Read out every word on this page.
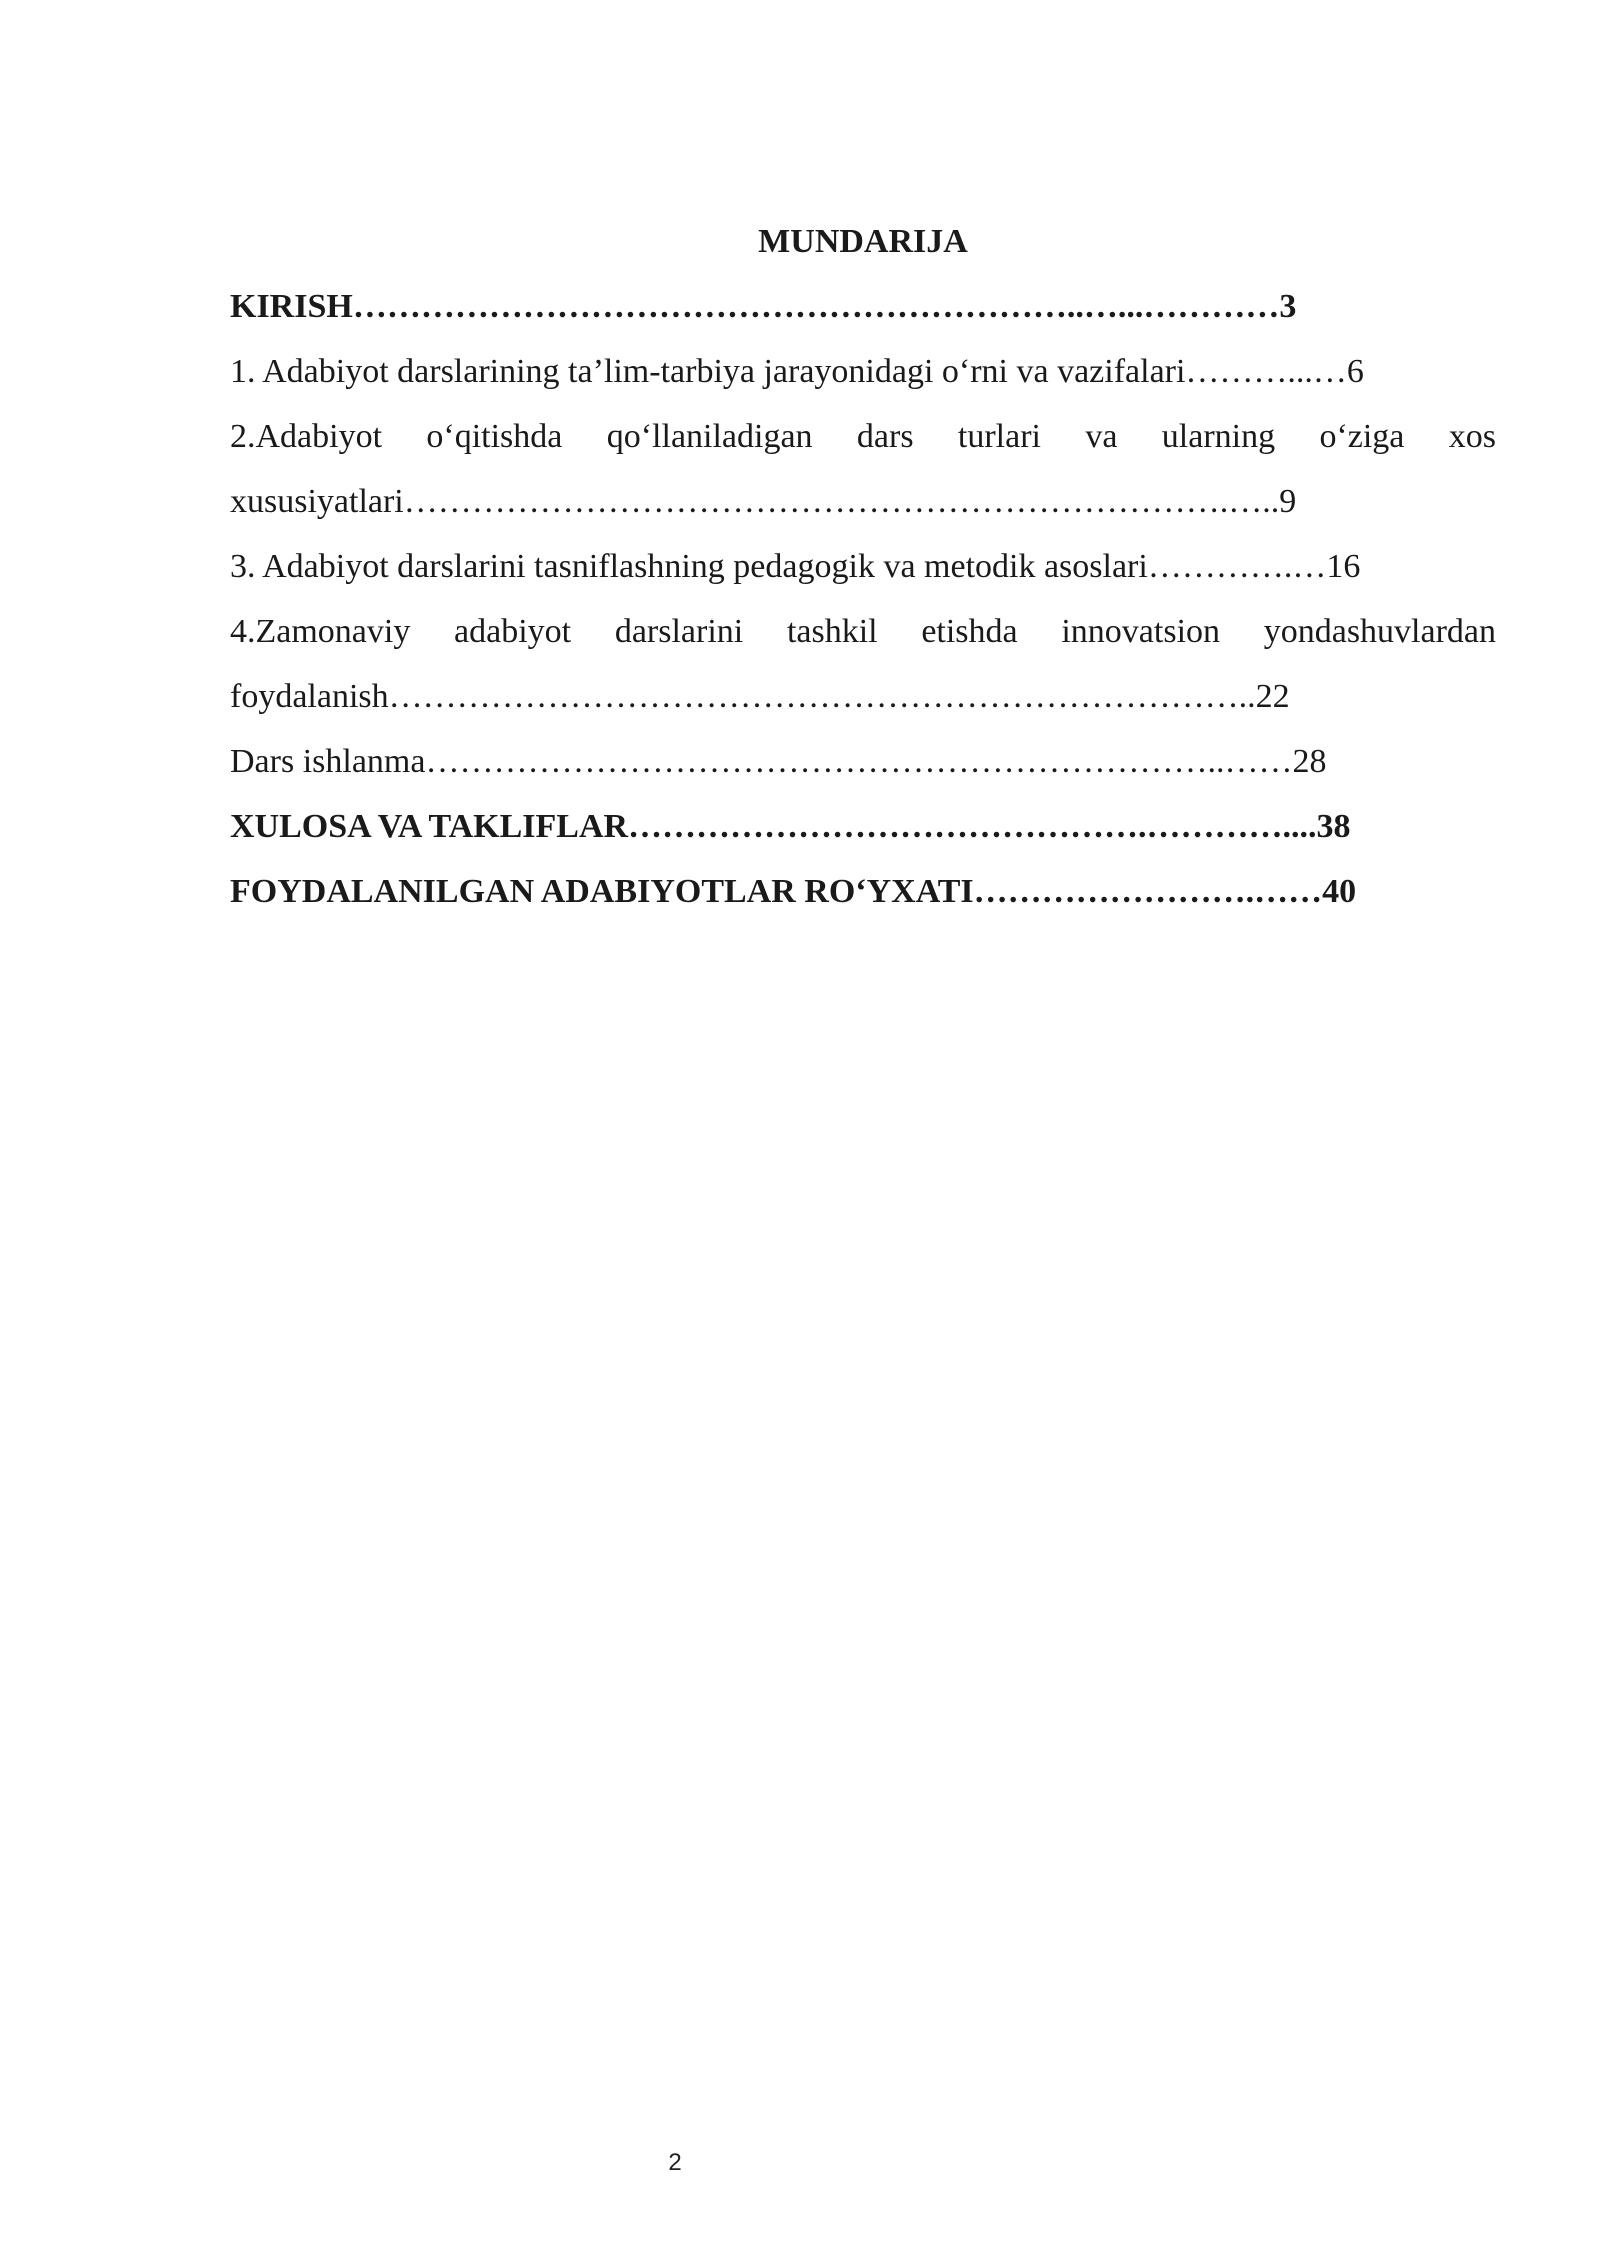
MUNDARIJA
KIRISH………………………………………………………..…...…………3
1. Adabiyot darslarining ta’lim-tarbiya jarayonidagi o‘rni va vazifalari………...…6
2.Adabiyot o‘qitishda qo‘llaniladigan dars turlari va ularning o‘ziga xos
xususiyatlari……………………………………………………………….…..9
3. Adabiyot darslarini tasniflashning pedagogik va metodik asoslari………….…16
4.Zamonaviy adabiyot darslarini tashkil etishda innovatsion yondashuvlardan
foydalanish…………………………………………………………………..22
Dars ishlanma……………………………………………………………..……28
XULOSA VA TAKLIFLAR……………………………………….…………....38
FOYDALANILGAN ADABIYOTLAR RO‘YXATI…………………….……40
2
